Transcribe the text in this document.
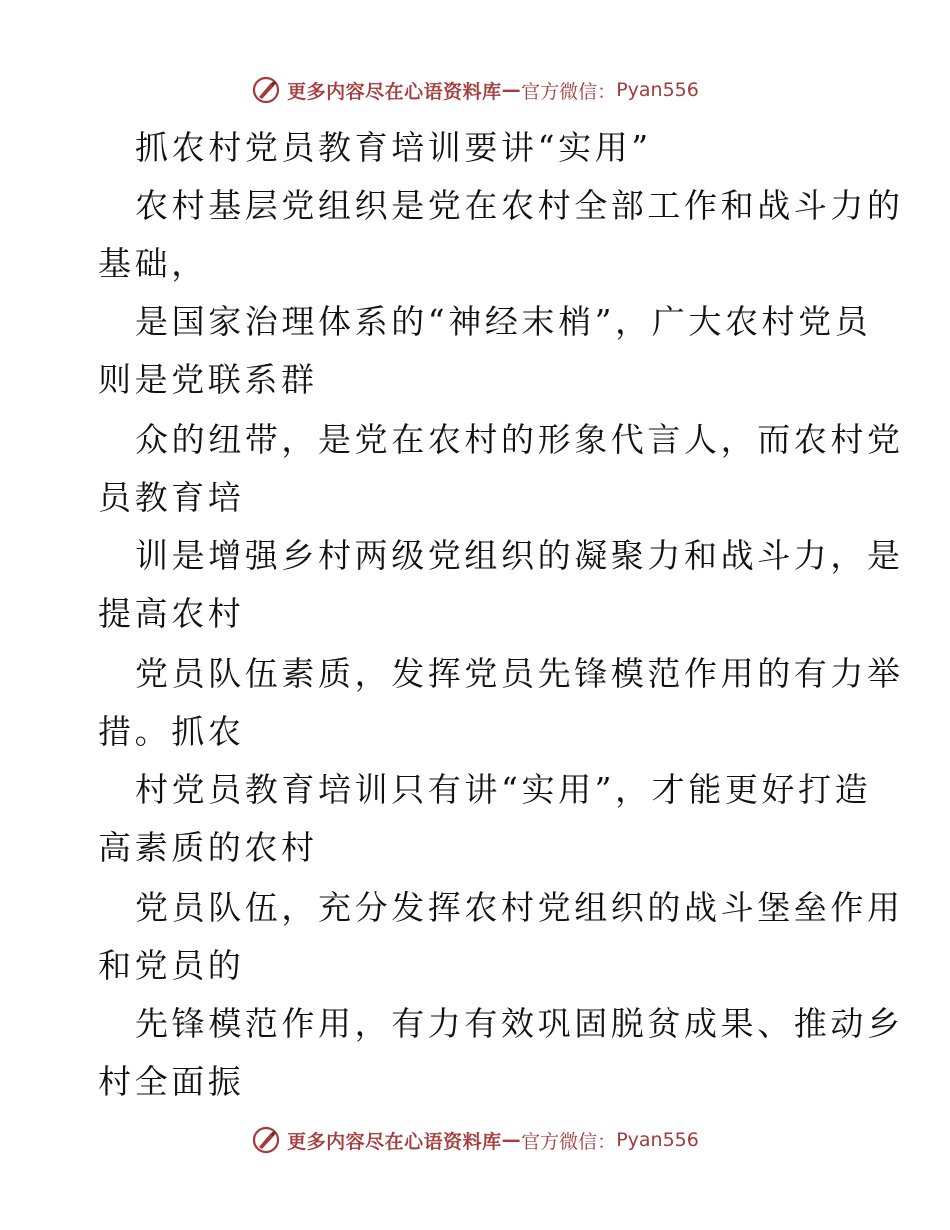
更多内容尽在心语资料库 — 官方微信： Pyan556
抓农村党员教育培训要讲“实用”
农村基层党组织是党在农村全部工作和战斗力的
基础，
是国家治理体系的“神经末梢”，广大农村党员
则是党联系群
众的纽带，是党在农村的形象代言人，而农村党
员教育培
训是增强乡村两级党组织的凝聚力和战斗力，是
提高农村
党员队伍素质，发挥党员先锋模范作用的有力举
措。抓农
村党员教育培训只有讲“实用”，才能更好打造
高素质的农村
党员队伍，充分发挥农村党组织的战斗堡垒作用
和党员的
先锋模范作用，有力有效巩固脱贫成果、推动乡
村全面振
更多内容尽在心语资料库 — 官方微信： Pyan556
